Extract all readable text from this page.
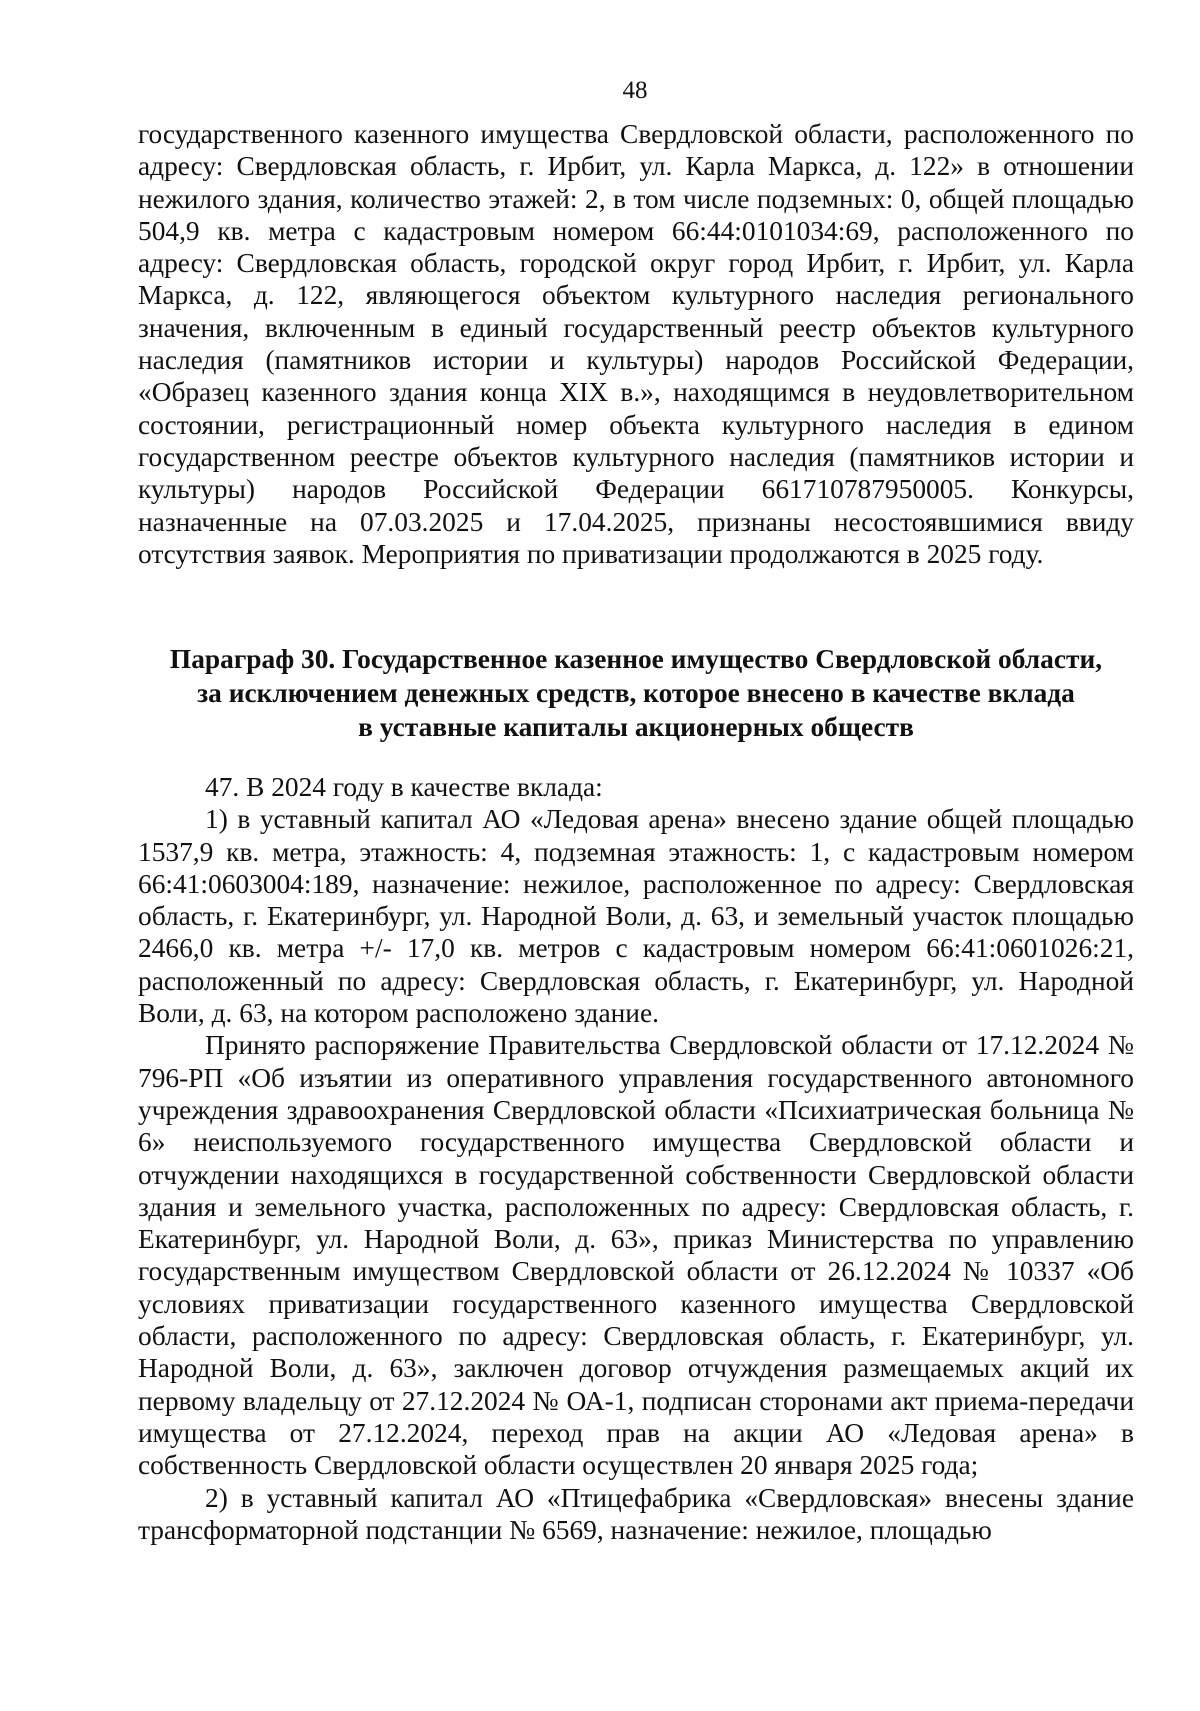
48

государственного казенного имущества Свердловской области, расположенного по адресу: Свердловская область, г. Ирбит, ул. Карла Маркса, д. 122» в отношении нежилого здания, количество этажей: 2, в том числе подземных: 0, общей площадью 504,9 кв. метра с кадастровым номером 66:44:0101034:69, расположенного по адресу: Свердловская область, городской округ город Ирбит, г. Ирбит, ул. Карла Маркса, д. 122, являющегося объектом культурного наследия регионального значения, включенным в единый государственный реестр объектов культурного наследия (памятников истории и культуры) народов Российской Федерации, «Образец казенного здания конца XIX в.», находящимся в неудовлетворительном состоянии, регистрационный номер объекта культурного наследия в едином государственном реестре объектов культурного наследия (памятников истории и культуры) народов Российской Федерации 661710787950005. Конкурсы, назначенные на 07.03.2025 и 17.04.2025, признаны несостоявшимися ввиду отсутствия заявок. Мероприятия по приватизации продолжаются в 2025 году.

Параграф 30. Государственное казенное имущество Свердловской области,
за исключением денежных средств, которое внесено в качестве вклада
в уставные капиталы акционерных обществ

47. В 2024 году в качестве вклада:

1) в уставный капитал АО «Ледовая арена» внесено здание общей площадью 1537,9 кв. метра, этажность: 4, подземная этажность: 1, с кадастровым номером 66:41:0603004:189, назначение: нежилое, расположенное по адресу: Свердловская область, г. Екатеринбург, ул. Народной Воли, д. 63, и земельный участок площадью 2466,0 кв. метра +/- 17,0 кв. метров с кадастровым номером 66:41:0601026:21, расположенный по адресу: Свердловская область, г. Екатеринбург, ул. Народной Воли, д. 63, на котором расположено здание.

Принято распоряжение Правительства Свердловской области от 17.12.2024 № 796-РП «Об изъятии из оперативного управления государственного автономного учреждения здравоохранения Свердловской области «Психиатрическая больница № 6» неиспользуемого государственного имущества Свердловской области и отчуждении находящихся в государственной собственности Свердловской области здания и земельного участка, расположенных по адресу: Свердловская область, г. Екатеринбург, ул. Народной Воли, д. 63», приказ Министерства по управлению государственным имуществом Свердловской области от 26.12.2024 № 10337 «Об условиях приватизации государственного казенного имущества Свердловской области, расположенного по адресу: Свердловская область, г. Екатеринбург, ул. Народной Воли, д. 63», заключен договор отчуждения размещаемых акций их первому владельцу от 27.12.2024 № ОА-1, подписан сторонами акт приема-передачи имущества от 27.12.2024, переход прав на акции АО «Ледовая арена» в собственность Свердловской области осуществлен 20 января 2025 года;

2) в уставный капитал АО «Птицефабрика «Свердловская» внесены здание трансформаторной подстанции № 6569, назначение: нежилое, площадью
